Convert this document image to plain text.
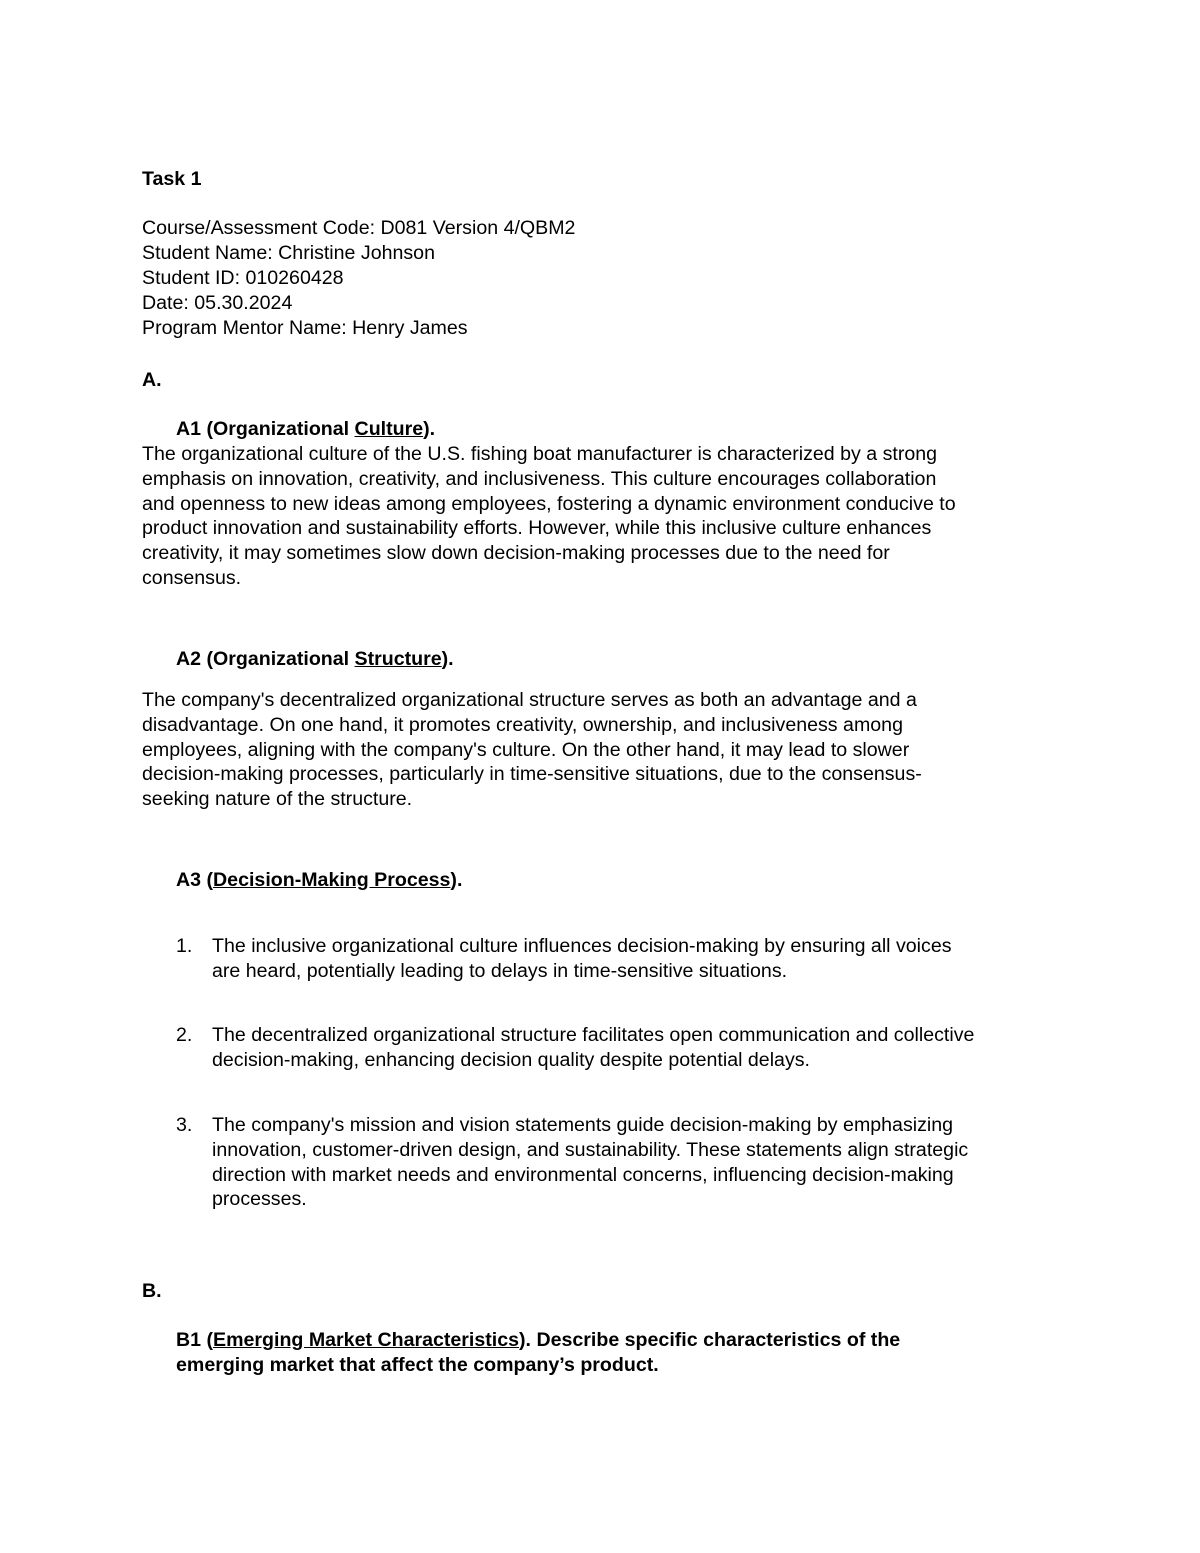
Task 1

Course/Assessment Code: D081 Version 4/QBM2

Student Name: Christine Johnson

Student ID: 010260428

Date: 05.30.2024

Program Mentor Name: Henry James

A.

A1 (Organizational Culture).

The organizational culture of the U.S. fishing boat manufacturer is characterized by a strong
emphasis on innovation, creativity, and inclusiveness. This culture encourages collaboration
and openness to new ideas among employees, fostering a dynamic environment conducive to
product innovation and sustainability efforts. However, while this inclusive culture enhances
creativity, it may sometimes slow down decision-making processes due to the need for
consensus.

A2 (Organizational Structure).

The company's decentralized organizational structure serves as both an advantage and a
disadvantage. On one hand, it promotes creativity, ownership, and inclusiveness among
employees, aligning with the company's culture. On the other hand, it may lead to slower
decision-making processes, particularly in time-sensitive situations, due to the consensus-
seeking nature of the structure.

A3 (Decision-Making Process).

1. The inclusive organizational culture influences decision-making by ensuring all voices
are heard, potentially leading to delays in time-sensitive situations.
2. The decentralized organizational structure facilitates open communication and collective
decision-making, enhancing decision quality despite potential delays.
3. The company's mission and vision statements guide decision-making by emphasizing
innovation, customer-driven design, and sustainability. These statements align strategic
direction with market needs and environmental concerns, influencing decision-making
processes.

B.

B1 (Emerging Market Characteristics). Describe specific characteristics of the
emerging market that affect the company’s product.
